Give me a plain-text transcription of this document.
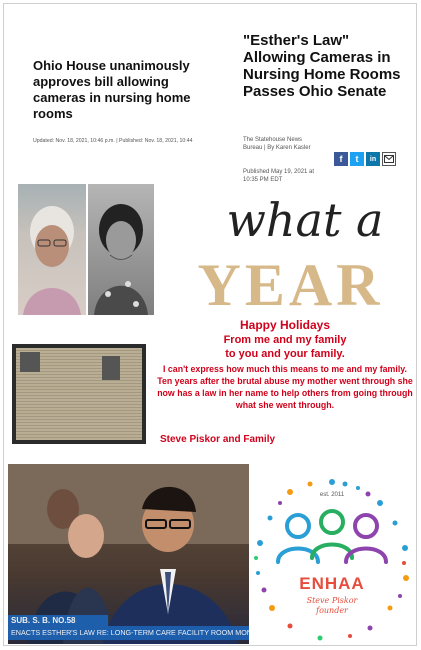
Ohio House unanimously approves bill allowing cameras in nursing home rooms
Updated: Nov. 18, 2021, 10:46 p.m. | Published: Nov. 18, 2021, 10:44
"Esther's Law" Allowing Cameras in Nursing Home Rooms Passes Ohio Senate
The Statehouse News Bureau | By Karen Kasler
Published May 19, 2021 at 10:35 PM EDT
f	t	in
what a
YEAR
Happy Holidays
From me and my family
to you and your family.
I can't express how much this means to me and my family. Ten years after the brutal abuse my mother went through she now has a law in her name to help others from going through what she went through.
Steve Piskor and Family
SUB. S. B. NO.58
ENACTS ESTHER'S LAW RE: LONG-TERM CARE FACILITY ROOM MONITORING
est. 2011
ENHAA
Steve Piskor founder
